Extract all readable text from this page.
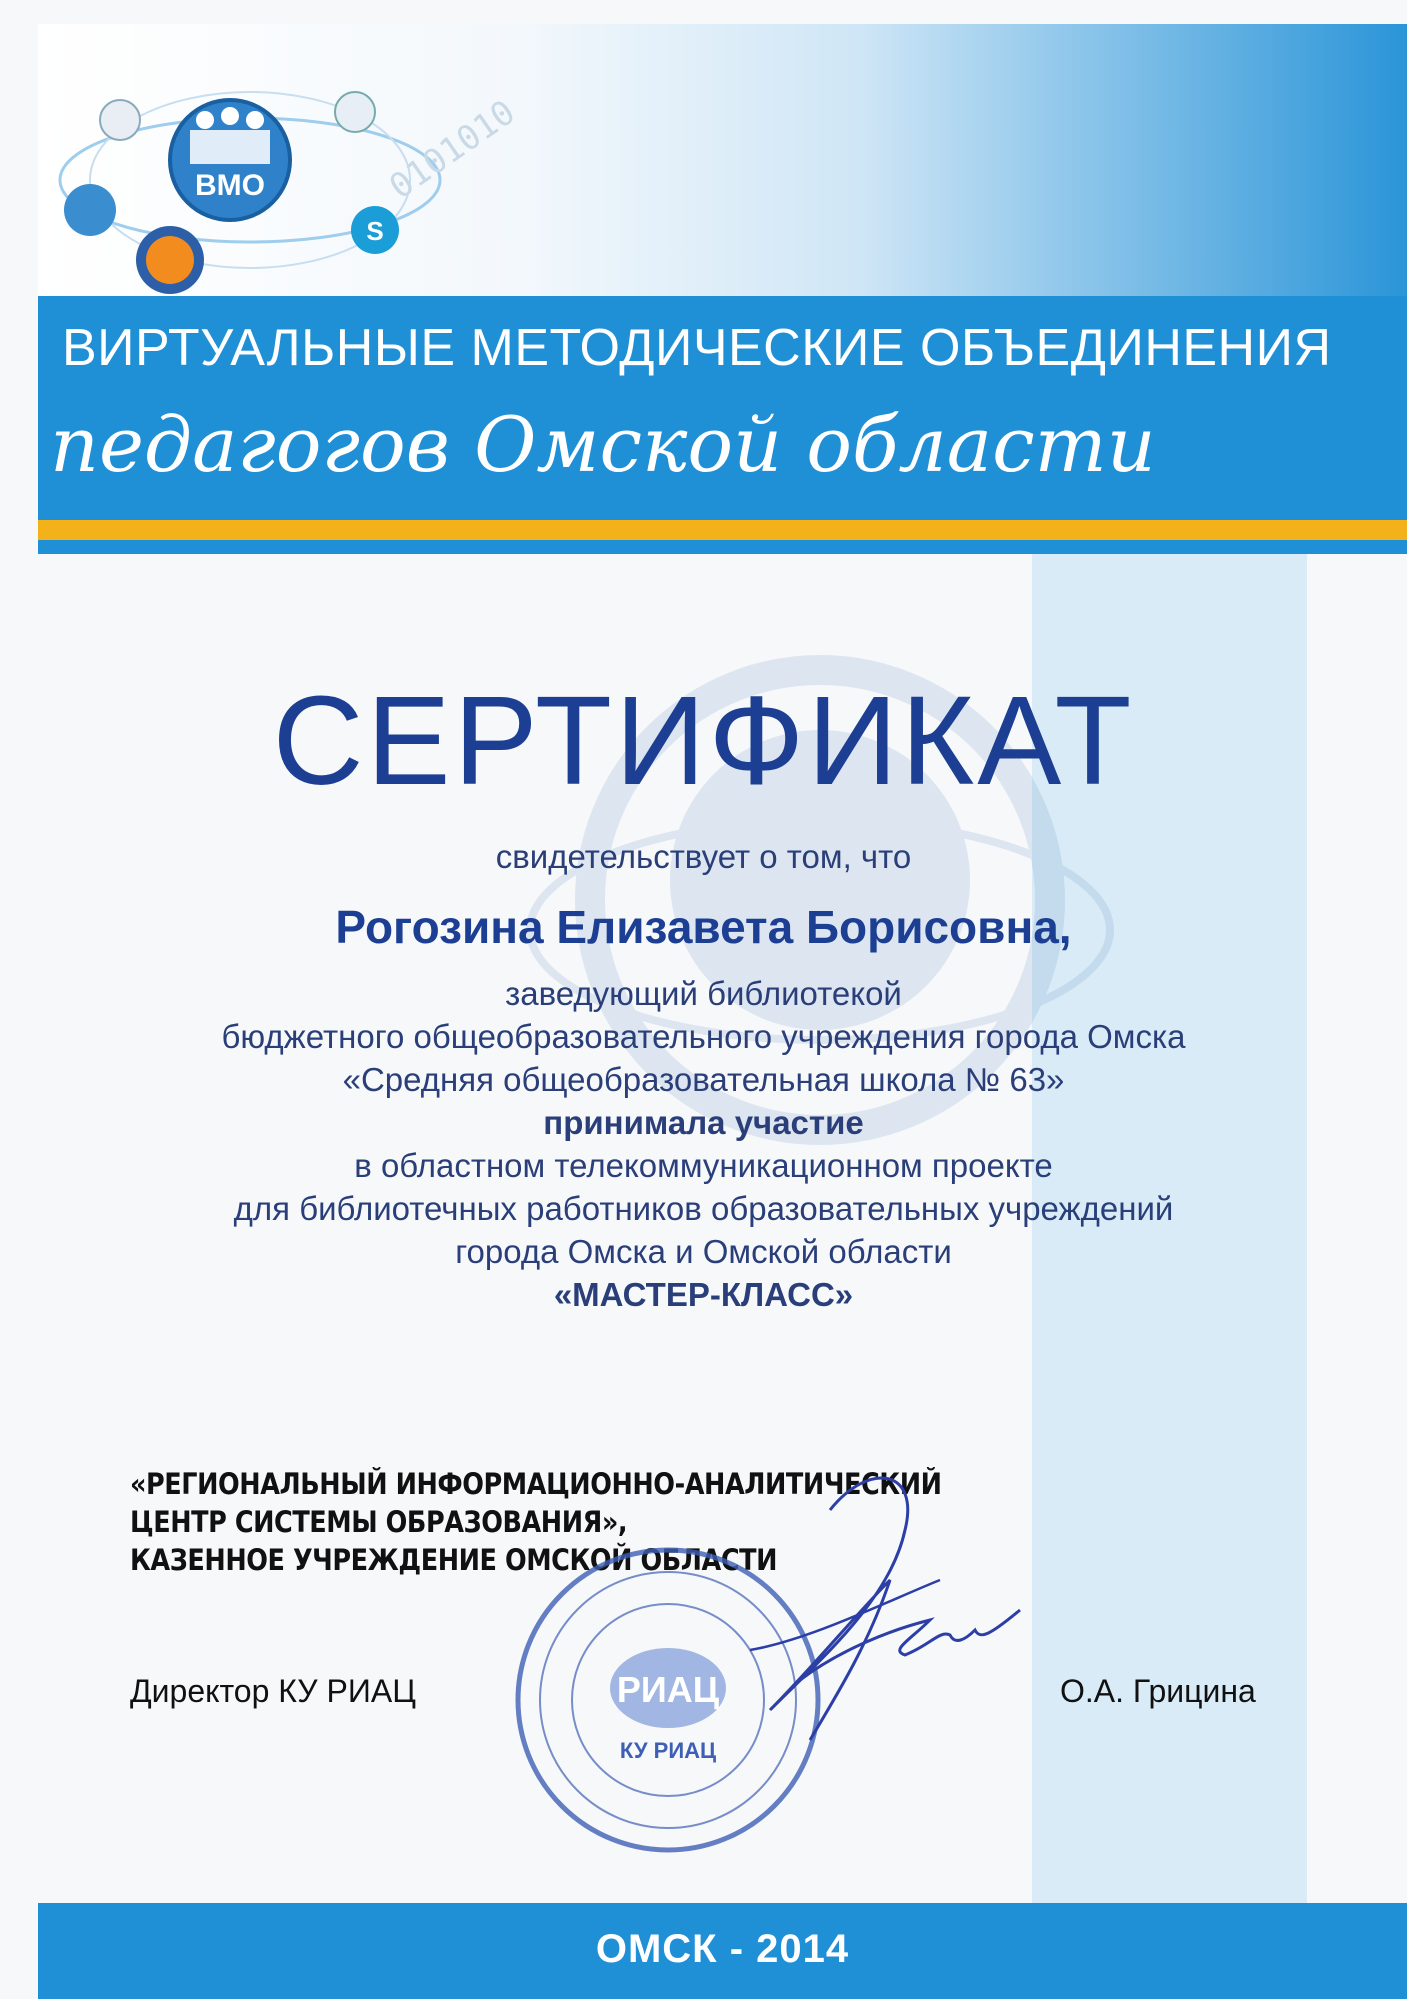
ВМО
S
0101010
ВИРТУАЛЬНЫЕ МЕТОДИЧЕСКИЕ ОБЪЕДИНЕНИЯ
педагогов Омской области
СЕРТИФИКАТ
свидетельствует о том, что
Рогозина Елизавета Борисовна,
заведующий библиотекой
бюджетного общеобразовательного учреждения города Омска
«Средняя общеобразовательная школа № 63»
принимала участие
в областном телекоммуникационном проекте
для библиотечных работников образовательных учреждений
города Омска и Омской области
«МАСТЕР-КЛАСС»
«РЕГИОНАЛЬНЫЙ ИНФОРМАЦИОННО-АНАЛИТИЧЕСКИЙ
ЦЕНТР СИСТЕМЫ ОБРАЗОВАНИЯ»,
КАЗЕННОЕ УЧРЕЖДЕНИЕ ОМСКОЙ ОБЛАСТИ
Директор КУ РИАЦ	О.А. Грицина
РИАЦ
КУ РИАЦ
ОМСК - 2014
